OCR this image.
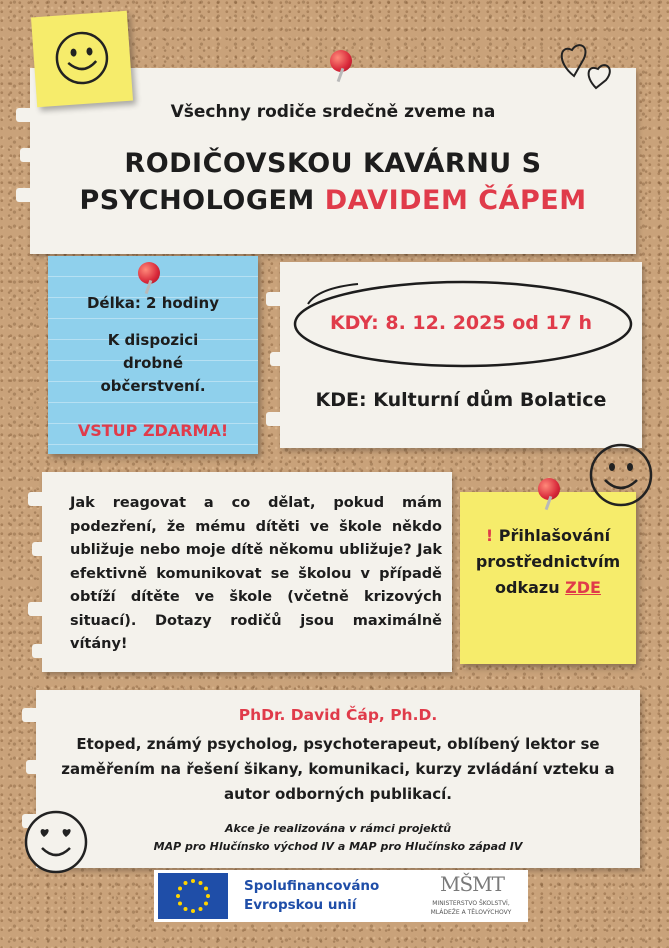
Všechny rodiče srdečně zveme na
RODIČOVSKOU KAVÁRNU S
PSYCHOLOGEM DAVIDEM ČÁPEM
Délka: 2 hodiny
K dispozici
drobné
občerstvení.
VSTUP ZDARMA!
KDY: 8. 12. 2025 od 17 h
KDE: Kulturní dům Bolatice
Jak reagovat a co dělat, pokud mám podezření, že mému dítěti ve škole někdo ubližuje nebo moje dítě někomu ubližuje? Jak efektivně komunikovat se školou v případě obtíží dítěte ve škole (včetně krizových situací). Dotazy rodičů jsou maximálně vítány!
! Přihlašování
prostřednictvím
odkazu ZDE
PhDr. David Čáp, Ph.D.
Etoped, známý psycholog, psychoterapeut, oblíbený lektor se zaměřením na řešení šikany, komunikaci, kurzy zvládání vzteku a autor odborných publikací.
Akce je realizována v rámci projektů
MAP pro Hlučínsko východ IV a MAP pro Hlučínsko západ IV
Spolufinancováno
Evropskou unií
MŠMT
MINISTERSTVO ŠKOLSTVÍ,
MLÁDEŽE A TĚLOVÝCHOVY
